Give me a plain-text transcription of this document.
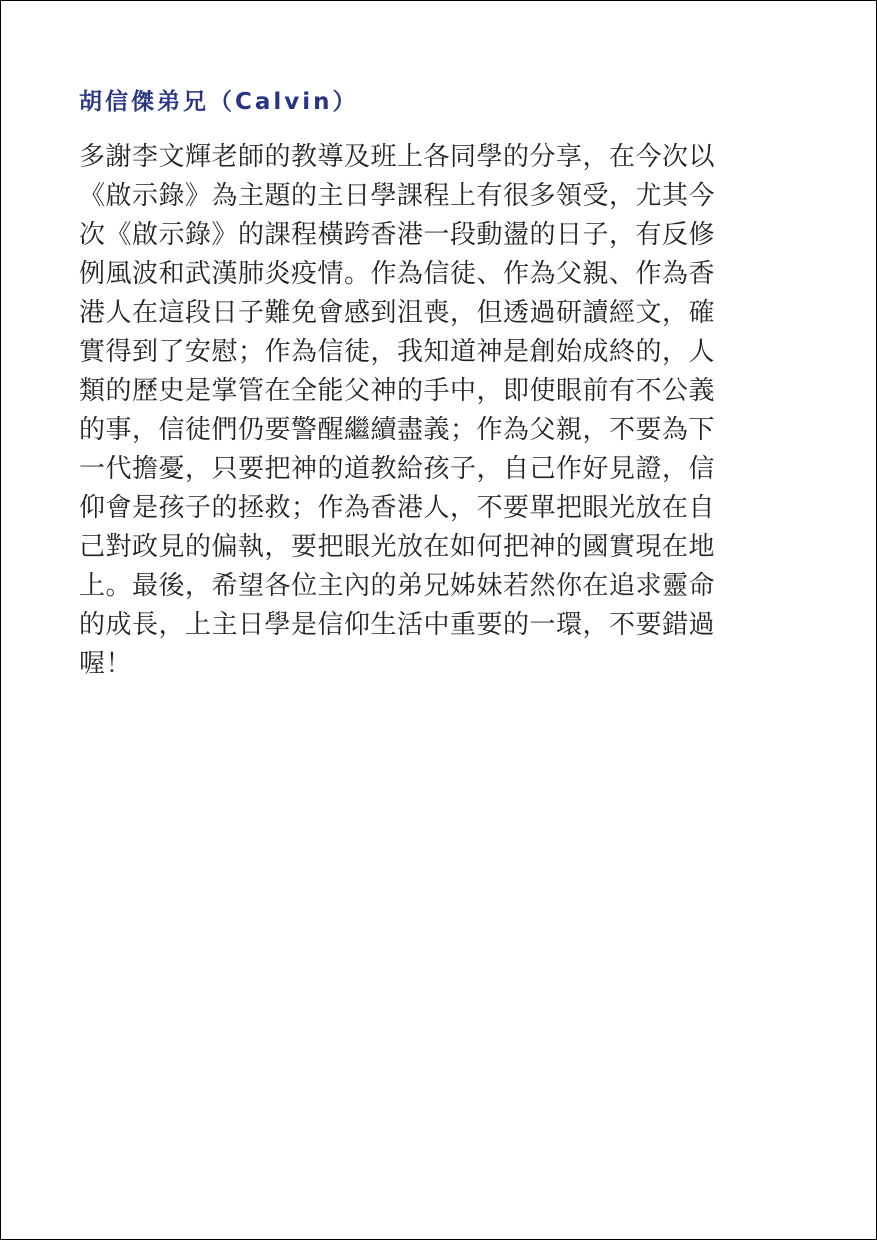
胡信傑弟兄（Calvin）
多謝李文輝老師的教導及班上各同學的分享，在今次以
《啟示錄》為主題的主日學課程上有很多領受，尤其今
次《啟示錄》的課程橫跨香港一段動盪的日子，有反修
例風波和武漢肺炎疫情。作為信徒、作為父親、作為香
港人在這段日子難免會感到沮喪，但透過研讀經文，確
實得到了安慰；作為信徒，我知道神是創始成終的，人
類的歷史是掌管在全能父神的手中，即使眼前有不公義
的事，信徒們仍要警醒繼續盡義；作為父親，不要為下
一代擔憂，只要把神的道教給孩子，自己作好見證，信
仰會是孩子的拯救；作為香港人，不要單把眼光放在自
己對政見的偏執，要把眼光放在如何把神的國實現在地
上。最後，希望各位主內的弟兄姊妹若然你在追求靈命
的成長，上主日學是信仰生活中重要的一環，不要錯過
喔！
